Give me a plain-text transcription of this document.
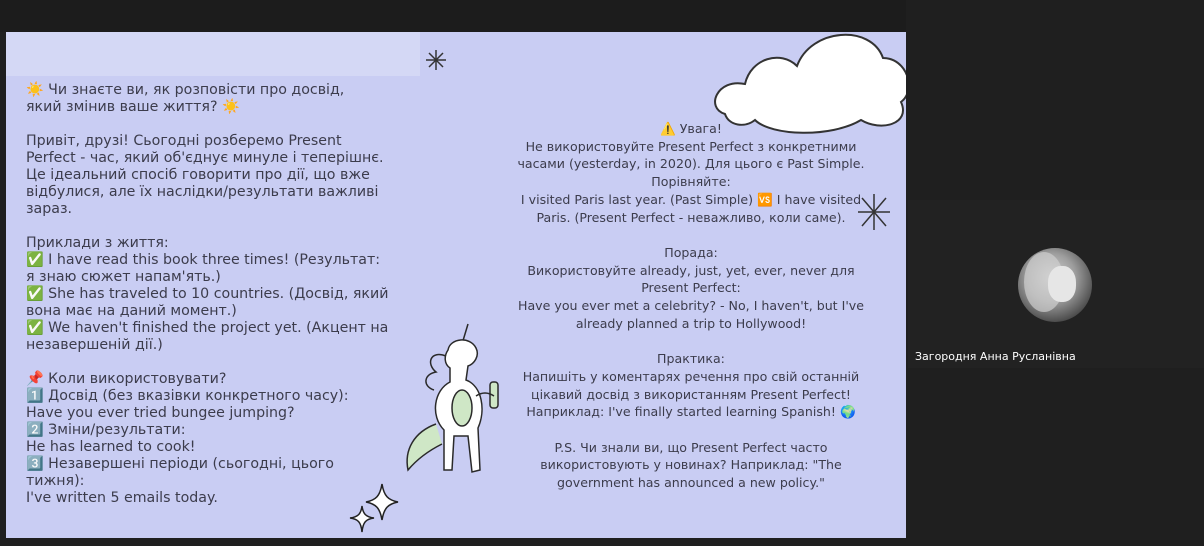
☀️ Чи знаєте ви, як розповісти про досвід,

який змінив ваше життя? ☀️

Привіт, друзі! Сьогодні розберемо Present

Perfect - час, який об'єднує минуле і теперішнє.

Це ідеальний спосіб говорити про дії, що вже

відбулися, але їх наслідки/результати важливі

зараз.

Приклади з життя:

✅ I have read this book three times! (Результат:

я знаю сюжет напам'ять.)

✅ She has traveled to 10 countries. (Досвід, який

вона має на даний момент.)

✅ We haven't finished the project yet. (Акцент на

незавершеній дії.)

📌 Коли використовувати?

1️⃣ Досвід (без вказівки конкретного часу):

Have you ever tried bungee jumping?

2️⃣ Зміни/результати:

He has learned to cook!

3️⃣ Незавершені періоди (сьогодні, цього

тижня):

I've written 5 emails today.

⚠️ Увага!

Не використовуйте Present Perfect з конкретними

часами (yesterday, in 2020). Для цього є Past Simple.

Порівняйте:

I visited Paris last year. (Past Simple) 🆚 I have visited

Paris. (Present Perfect - неважливо, коли саме).

Порада:

Використовуйте already, just, yet, ever, never для

Present Perfect:

Have you ever met a celebrity? - No, I haven't, but I've

already planned a trip to Hollywood!

Практика:

Напишіть у коментарях речення про свій останній

цікавий досвід з використанням Present Perfect!

Наприклад: I've finally started learning Spanish! 🌍

P.S. Чи знали ви, що Present Perfect часто

використовують у новинах? Наприклад: "The

government has announced a new policy."

Загородня Анна Русланівна
